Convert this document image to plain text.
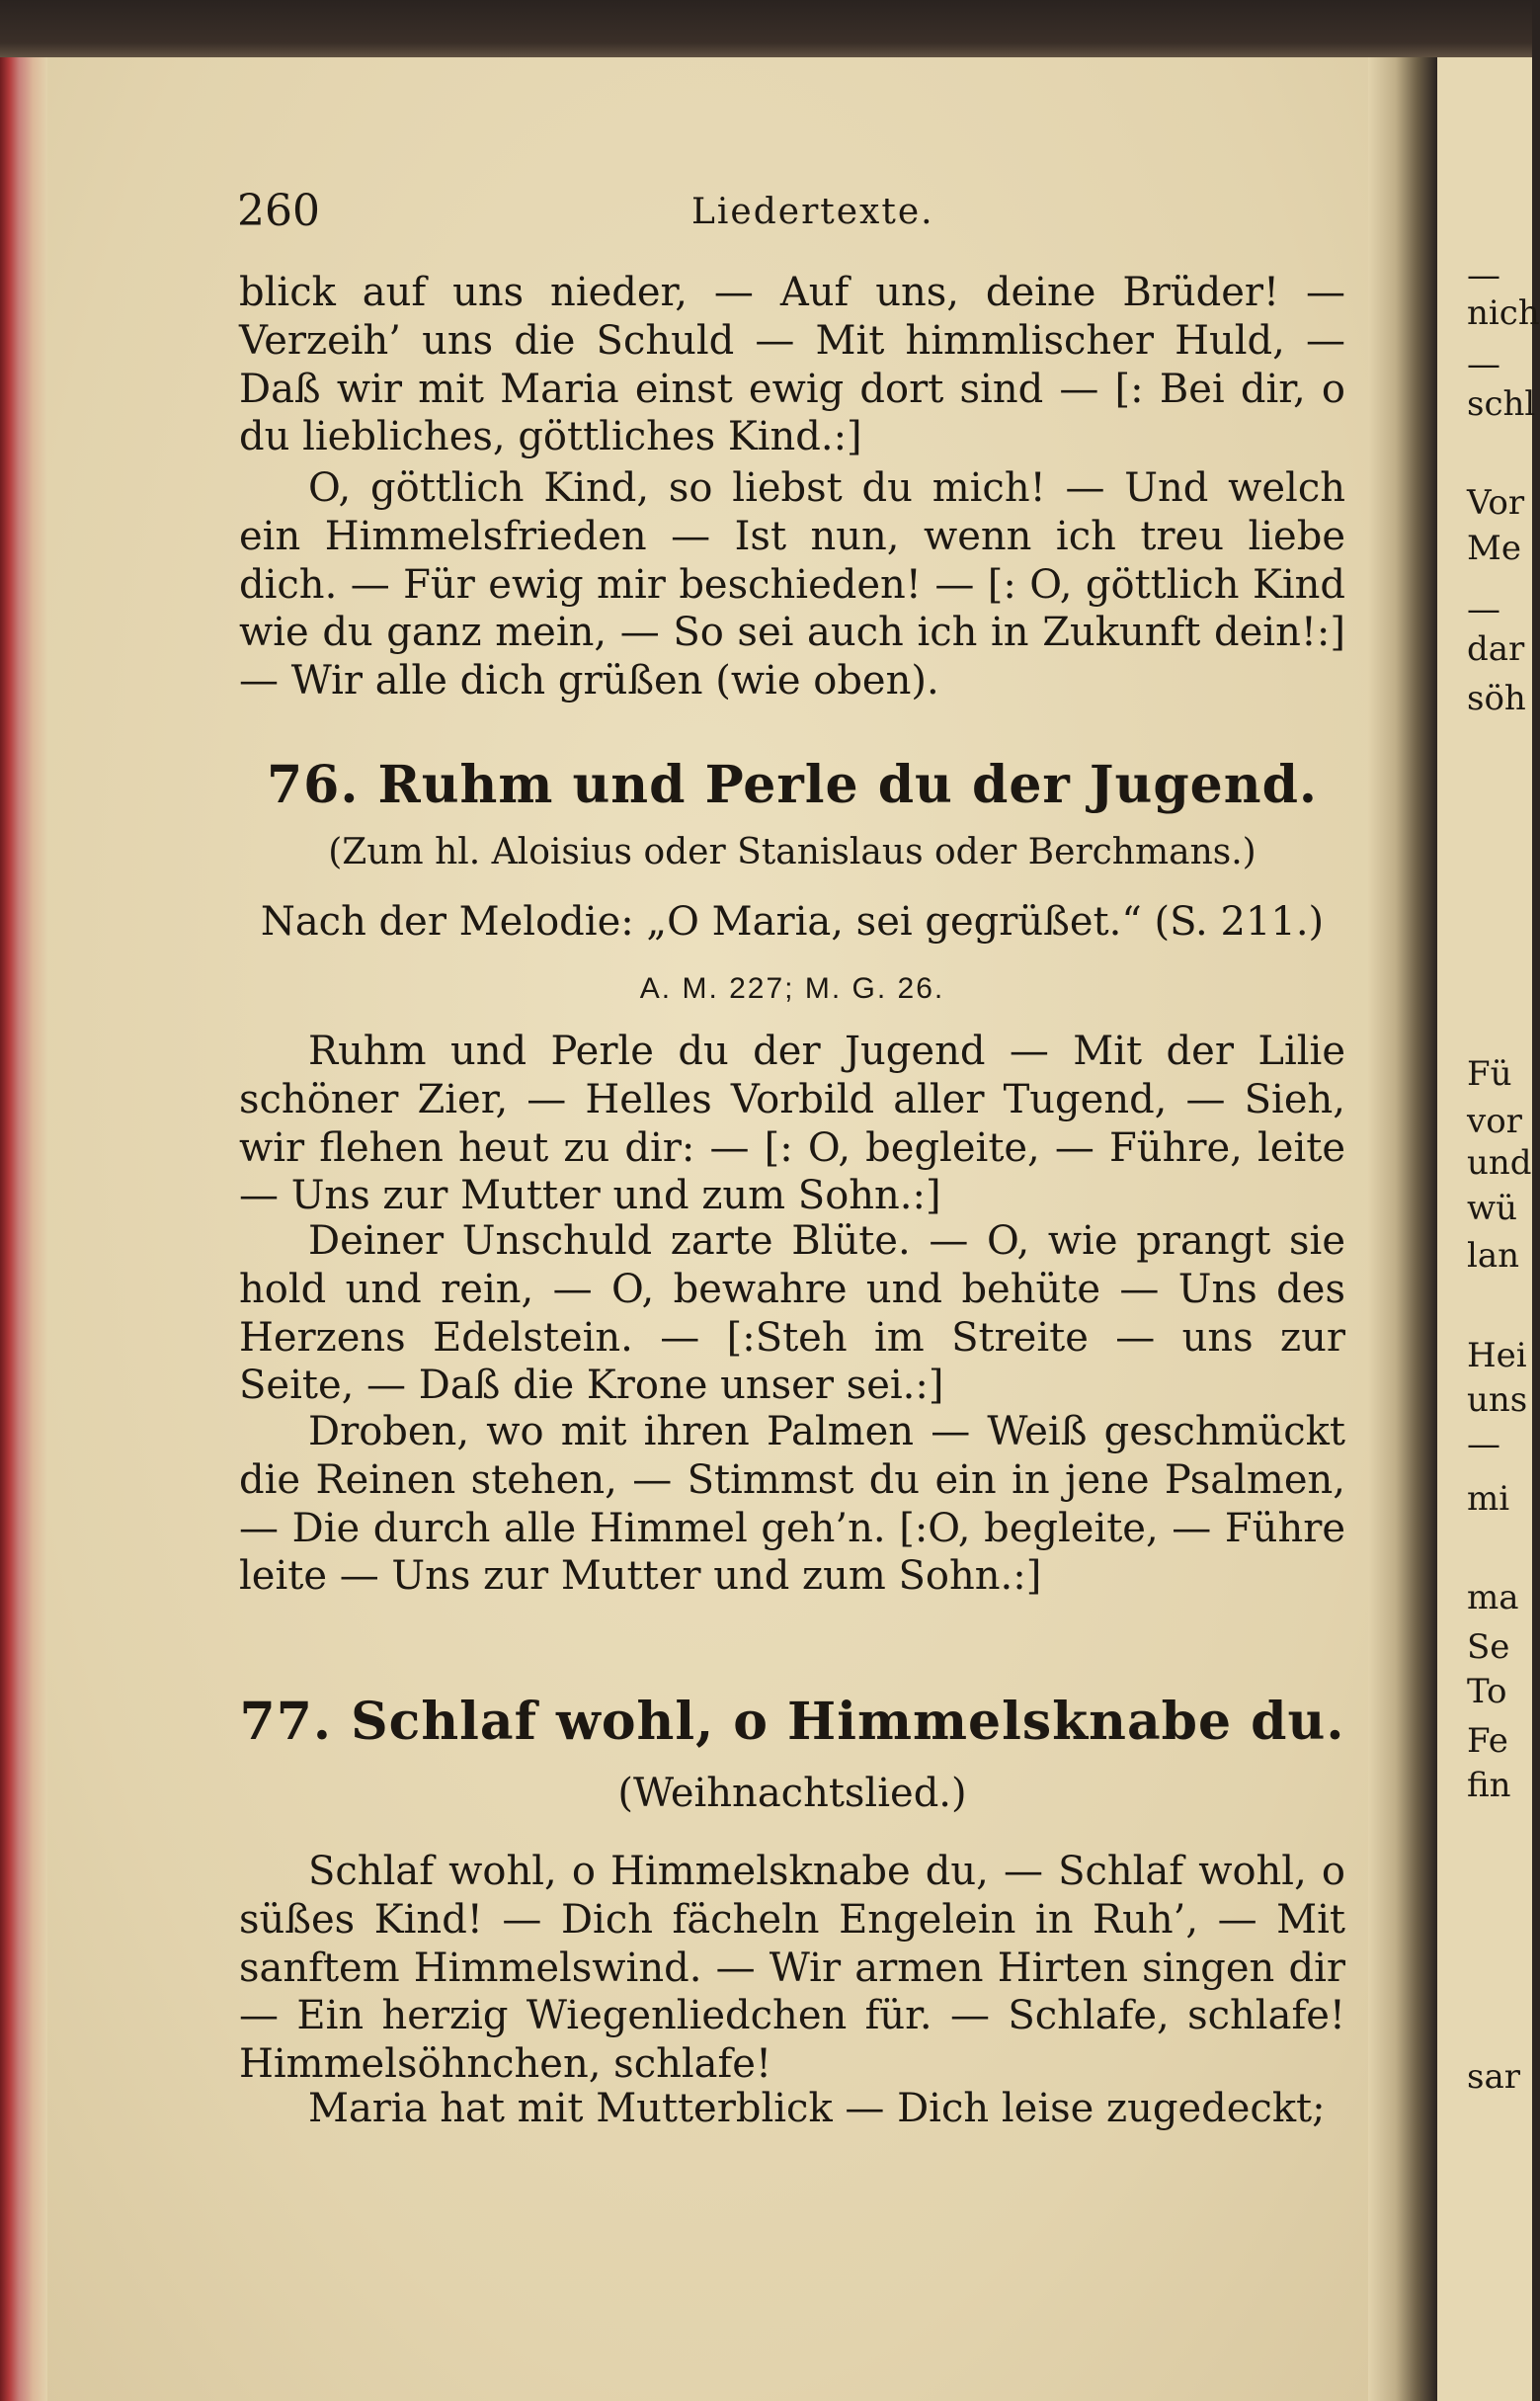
260	Liedertexte.

blick auf uns nieder, — Auf uns, deine Brüder! — Verzeih’ uns die Schuld — Mit himmlischer Huld, — Daß wir mit Maria einst ewig dort sind — [: Bei dir, o du liebliches, göttliches Kind.:]

O, göttlich Kind, so liebst du mich! — Und welch ein Himmelsfrieden — Ist nun, wenn ich treu liebe dich. — Für ewig mir beschieden! — [: O, göttlich Kind wie du ganz mein, — So sei auch ich in Zukunft dein!:] — Wir alle dich grüßen (wie oben).

76. Ruhm und Perle du der Jugend.
(Zum hl. Aloisius oder Stanislaus oder Berchmans.)
Nach der Melodie: „O Maria, sei gegrüßet.“ (S. 211.)
A. M. 227; M. G. 26.

Ruhm und Perle du der Jugend — Mit der Lilie schöner Zier, — Helles Vorbild aller Tugend, — Sieh, wir flehen heut zu dir: — [: O, begleite, — Führe, leite — Uns zur Mutter und zum Sohn.:]

Deiner Unschuld zarte Blüte. — O, wie prangt sie hold und rein, — O, bewahre und behüte — Uns des Herzens Edelstein. — [:Steh im Streite — uns zur Seite, — Daß die Krone unser sei.:]

Droben, wo mit ihren Palmen — Weiß geschmückt die Reinen stehen, — Stimmst du ein in jene Psalmen, — Die durch alle Himmel geh’n. [:O, begleite, — Führe leite — Uns zur Mutter und zum Sohn.:]

77. Schlaf wohl, o Himmelsknabe du.
(Weihnachtslied.)

Schlaf wohl, o Himmelsknabe du, — Schlaf wohl, o süßes Kind! — Dich fächeln Engelein in Ruh’, — Mit sanftem Himmelswind. — Wir armen Hirten singen dir — Ein herzig Wiegenliedchen für. — Schlafe, schlafe! Himmelsöhnchen, schlafe!

Maria hat mit Mutterblick — Dich leise zugedeckt;

—
nich
—
schl
Vor
Me
—
dar
söh
Fü
vor
und
wü
lan
Hei
uns
—
mi
ma
Se
To
Fe
fin
sar
